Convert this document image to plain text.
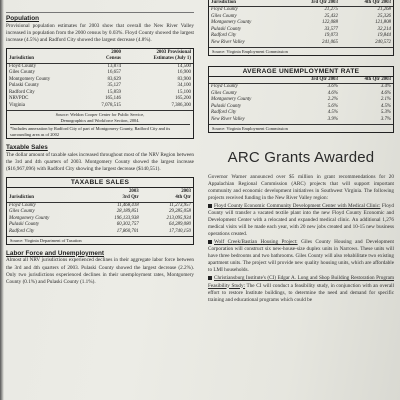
Population

Provisional population estimates for 2003 show that overall the New River Valley increased in population from the 2000 census by 0.03%. Floyd County showed the largest increase (4.5%) and Radford City showed the largest decrease (4.8%).

	2000	2003 Provisional
Jurisdiction	Census	Estimates (July 1)
Floyd County	13,874	14,500
Giles County	16,657	16,900
Montgomery County	83,629	83,900
Pulaski County	35,127	34,100
Radford City	15,859	15,100
NRVPDC	165,146	165,200
Virginia	7,078,515	7,386,300
Source: Weldon Cooper Center for Public Service,
Demographics and Workforce Section, 2004.
*Includes annexation by Radford City of part of Montgomery County, Radford City and its surrounding area as of 2002

Taxable Sales

The dollar amount of taxable sales increased throughout most of the NRV Region between the 3rd and 4th quarters of 2003. Montgomery County showed the largest increase ($16,967,096) with Radford City showing the largest decrease ($140,551).

TAXABLE SALES
	2003	2003
Jurisdiction	3rd Qtr	4th Qtr
Floyd County	11,468,418	11,273,957
Giles County	28,189,851	29,285,058
Montgomery County	196,133,938	213,095,934
Pulaski County	60,302,757	64,289,080
Radford City	17,860,701	17,740,150
Source: Virginia Department of Taxation

Labor Force and Unemployment

Almost all NRV jurisdictions experienced declines in their aggregate labor force between the 3rd and 4th quarters of 2003. Pulaski County showed the largest decrease (2.2%). Only two jurisdictions experienced declines in their unemployment rates, Montgomery County (0.1%) and Pulaski County (1.1%).

Jurisdiction	3rd Qtr 2003	4th Qtr 2003
Floyd County	21,275	21,268
Giles County	25,432	25,326
Montgomery County	122,088	121,808
Pulaski County	33,577	32,214
Radford City	19,073	19,844
New River Valley	241,065	240,572
Source: Virginia Employment Commission
AVERAGE UNEMPLOYMENT RATE
	3rd Qtr 2003	4th Qtr 2003
Floyd County	3.6%	3.4%
Giles County	4.6%	4.6%
Montgomery County	2.2%	2.1%
Pulaski County	5.6%	4.5%
Radford City	4.5%	5.3%
New River Valley	3.9%	3.7%
Source: Virginia Employment Commission

ARC Grants Awarded

Governor Warner announced over $5 million in grant recommendations for 20 Appalachian Regional Commission (ARC) projects that will support important community and economic development initiatives in Southwest Virginia. The following projects received funding in the New River Valley region:

Floyd County Economic Community Development Center with Medical Clinic: Floyd County will transfer a vacated textile plant into the new Floyd County Economic and Development Center with a relocated and expanded medical clinic. An additional 1,276 medical visits will be made each year, with 20 new jobs created and 10-15 new business operations created.

Wolf Creek/Bastian Housing Project: Giles County Housing and Development Corporation will construct six new-house-size duplex units in Narrows. These units will have three bedrooms and two bathrooms. Giles County will also rehabilitate two existing apartment units. The project will provide new quality housing units, which are affordable to LMI households.

Christiansburg Institute's (CI) Edgar A. Long and Shop Building Restoration Program Feasibility Study: The CI will conduct a feasibility study, in conjunction with an overall effort to restore Institute buildings, to determine the need and demand for specific training and educational programs which could be
